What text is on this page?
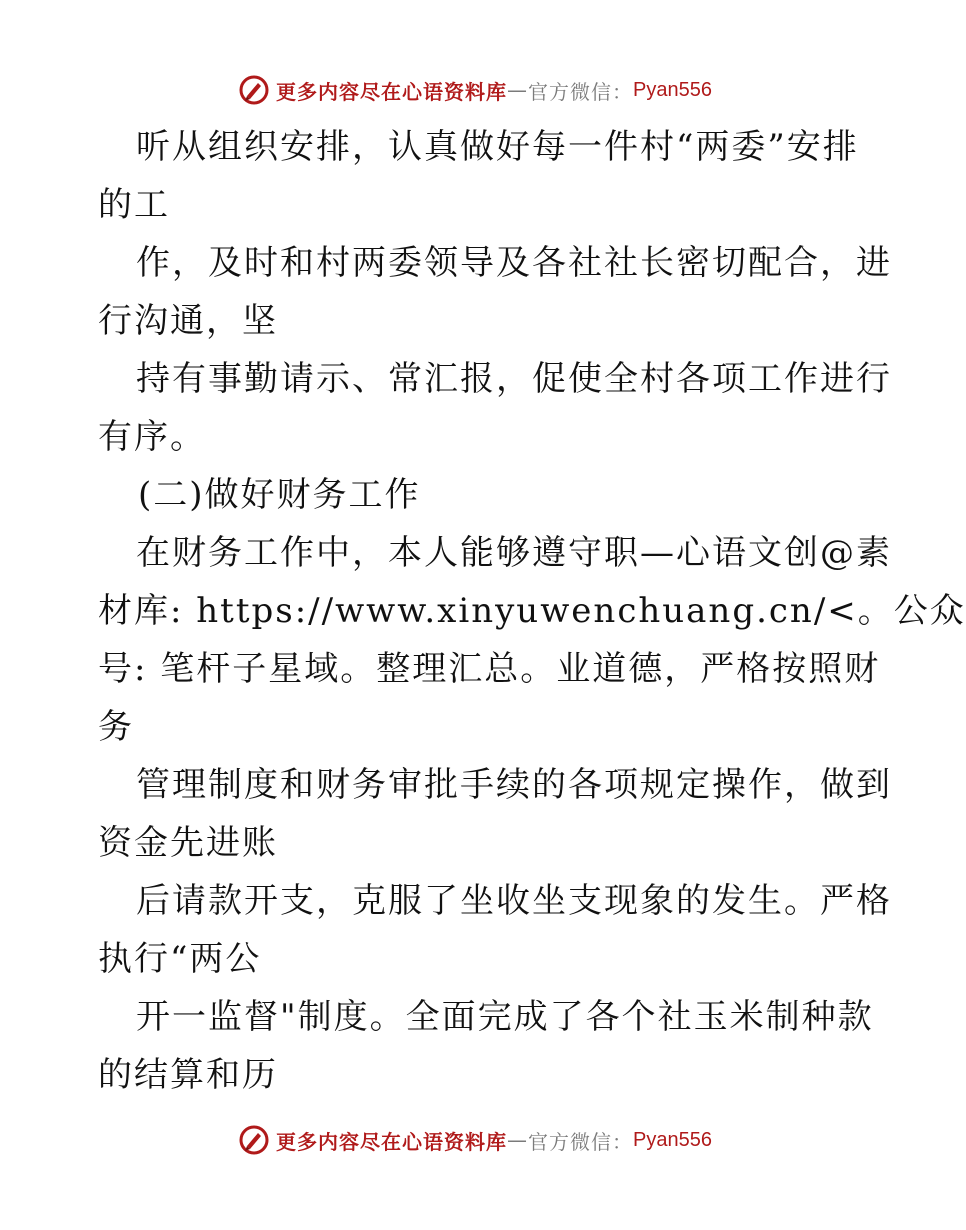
更多内容尽在心语资料库 — 官方微信： Pyan556
听从组织安排，认真做好每一件村“两委”安排
的工
作，及时和村两委领导及各社社长密切配合，进
行沟通，坚
持有事勤请示、常汇报，促使全村各项工作进行
有序。
(二)做好财务工作
在财务工作中，本人能够遵守职—心语文创@素
材库: https://www.xinyuwenchuang.cn/<。公众
号: 笔杆子星域。整理汇总。业道德，严格按照财
务
管理制度和财务审批手续的各项规定操作，做到
资金先进账
后请款开支，克服了坐收坐支现象的发生。严格
执行“两公
开一监督"制度。全面完成了各个社玉米制种款
的结算和历
更多内容尽在心语资料库 — 官方微信： Pyan556
